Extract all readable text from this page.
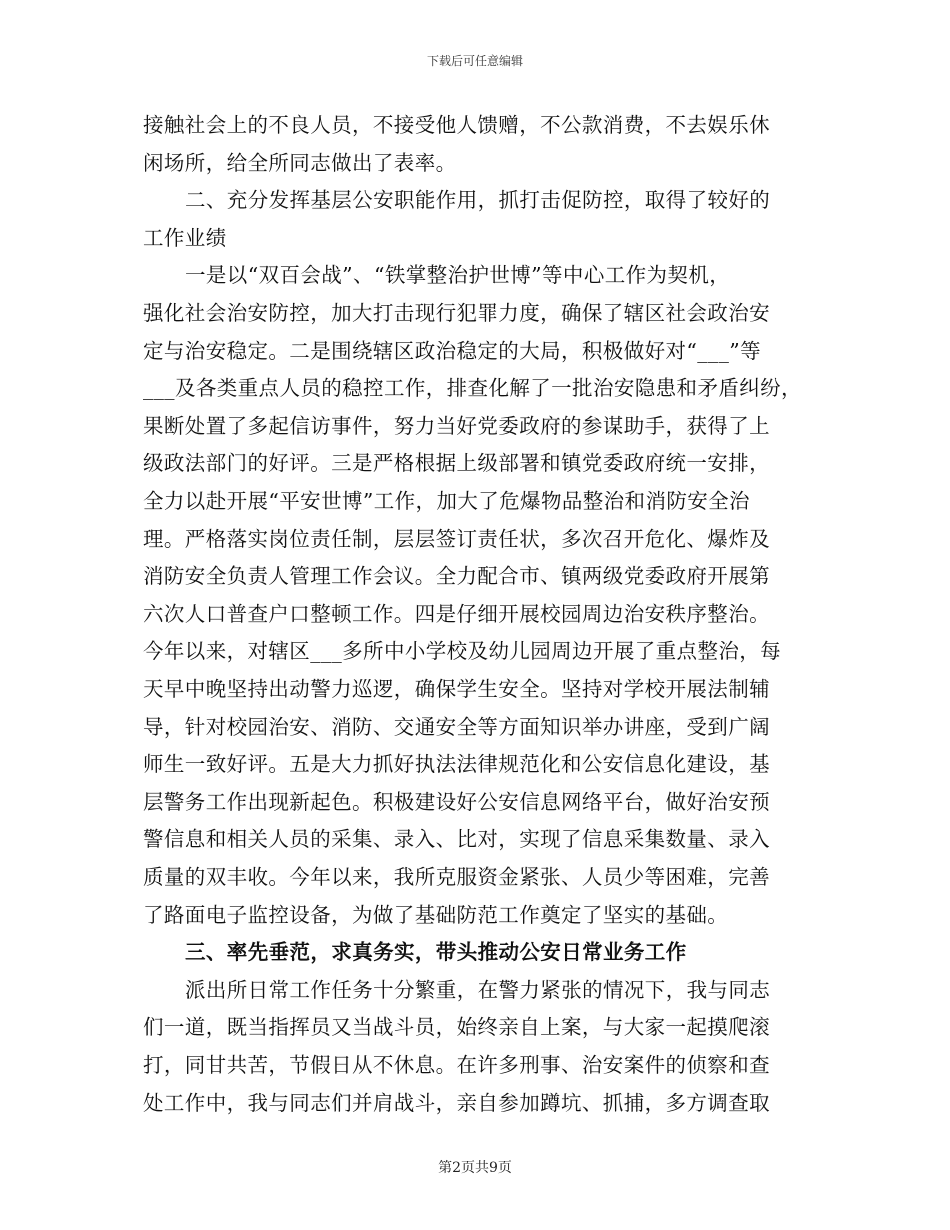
下载后可任意编辑
接触社会上的不良人员，不接受他人馈赠，不公款消费，不去娱乐休
闲场所，给全所同志做出了表率。
二、充分发挥基层公安职能作用，抓打击促防控，取得了较好的
工作业绩
一是以“双百会战”、“铁掌整治护世博”等中心工作为契机，
强化社会治安防控，加大打击现行犯罪力度，确保了辖区社会政治安
定与治安稳定。二是围绕辖区政治稳定的大局，积极做好对“___”等
___及各类重点人员的稳控工作，排查化解了一批治安隐患和矛盾纠纷，
果断处置了多起信访事件，努力当好党委政府的参谋助手，获得了上
级政法部门的好评。三是严格根据上级部署和镇党委政府统一安排，
全力以赴开展“平安世博”工作，加大了危爆物品整治和消防安全治
理。严格落实岗位责任制，层层签订责任状，多次召开危化、爆炸及
消防安全负责人管理工作会议。全力配合市、镇两级党委政府开展第
六次人口普查户口整顿工作。四是仔细开展校园周边治安秩序整治。
今年以来，对辖区___多所中小学校及幼儿园周边开展了重点整治，每
天早中晚坚持出动警力巡逻，确保学生安全。坚持对学校开展法制辅
导，针对校园治安、消防、交通安全等方面知识举办讲座，受到广阔
师生一致好评。五是大力抓好执法法律规范化和公安信息化建设，基
层警务工作出现新起色。积极建设好公安信息网络平台，做好治安预
警信息和相关人员的采集、录入、比对，实现了信息采集数量、录入
质量的双丰收。今年以来，我所克服资金紧张、人员少等困难，完善
了路面电子监控设备，为做了基础防范工作奠定了坚实的基础。
三、率先垂范，求真务实，带头推动公安日常业务工作
派出所日常工作任务十分繁重，在警力紧张的情况下，我与同志
们一道，既当指挥员又当战斗员，始终亲自上案，与大家一起摸爬滚
打，同甘共苦，节假日从不休息。在许多刑事、治安案件的侦察和查
处工作中，我与同志们并肩战斗，亲自参加蹲坑、抓捕，多方调查取
第2页共9页
